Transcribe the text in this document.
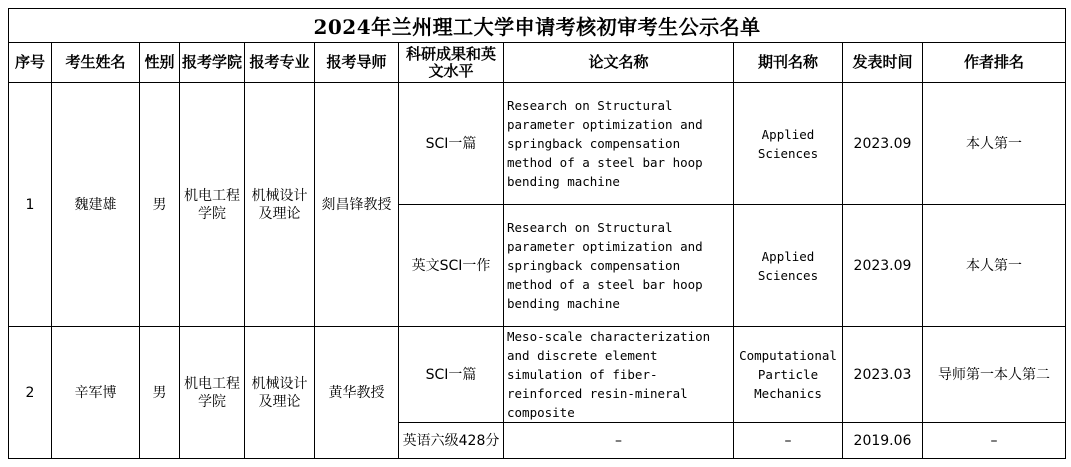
2024年兰州理工大学申请考核初审考生公示名单										
序号	考生姓名	性别	报考学院	报考专业	报考导师	科研成果和英文水平	论文名称	期刊名称	发表时间	作者排名
1	魏建雄	男	机电工程学院	机械设计及理论	剡昌锋教授	SCI一篇	Research on Structural parameter optimization and springback compensation method of a steel bar hoop bending machine	Applied Sciences	2023.09	本人第一
						英文SCI一作	Research on Structural parameter optimization and springback compensation method of a steel bar hoop bending machine	Applied Sciences	2023.09	本人第一
2	辛军博	男	机电工程学院	机械设计及理论	黄华教授	SCI一篇	Meso-scale characterization and discrete element simulation of fiber-reinforced resin-mineral composite	Computational Particle Mechanics	2023.03	导师第一本人第二
						英语六级428分	–	–	2019.06	–
